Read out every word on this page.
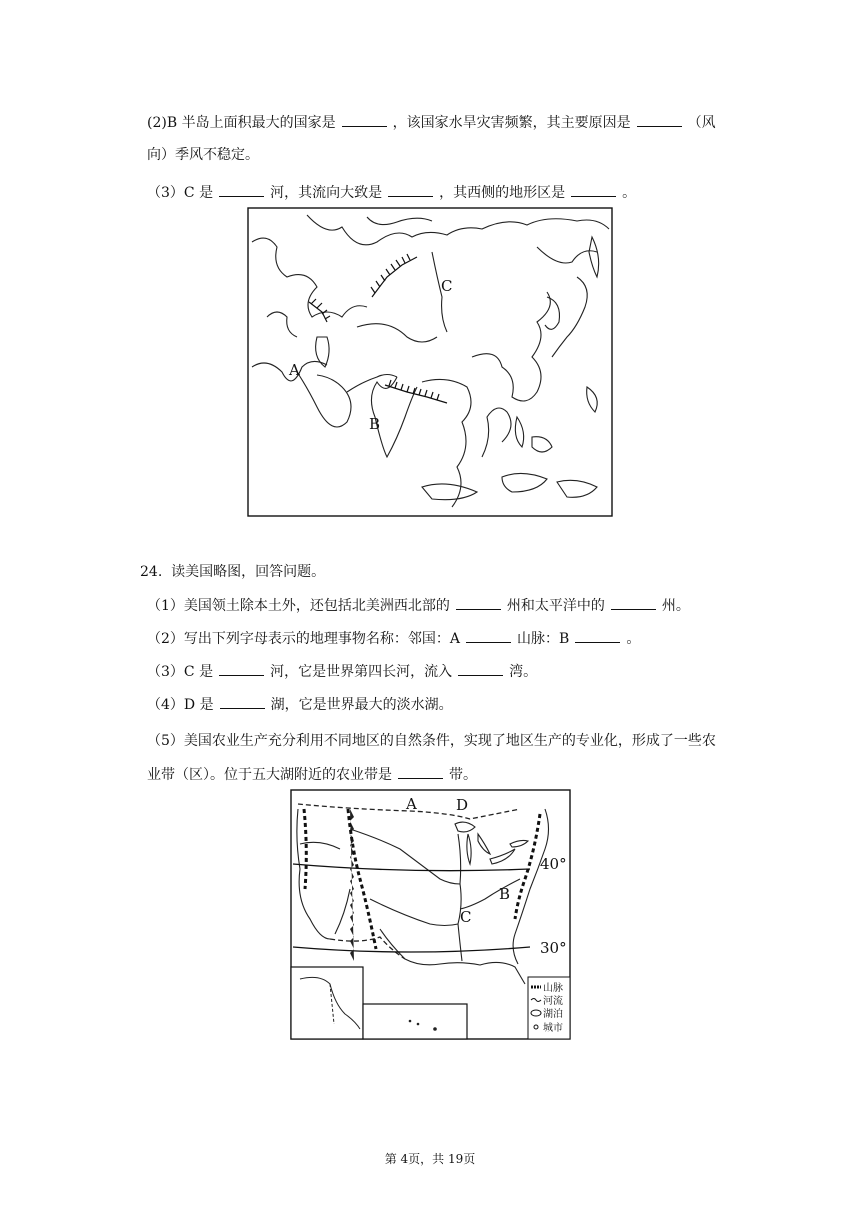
(2)B 半岛上面积最大的国家是	，该国家水旱灾害频繁，其主要原因是	（风
向）季风不稳定。
（3）C 是	河，其流向大致是	，其西侧的地形区是	。
A
B
C
24. 读美国略图，回答问题。
（1）美国领土除本土外，还包括北美洲西北部的	州和太平洋中的	州。
（2）写出下列字母表示的地理事物名称：邻国：A	山脉：B	。
（3）C 是	河，它是世界第四长河，流入	湾。
（4）D 是	湖，它是世界最大的淡水湖。
（5）美国农业生产充分利用不同地区的自然条件，实现了地区生产的专业化，形成了一些农
业带（区）。位于五大湖附近的农业带是	带。
山脉
河流
湖泊
城市
A	D
B
C
40°
30°
第 4页，共 19页
